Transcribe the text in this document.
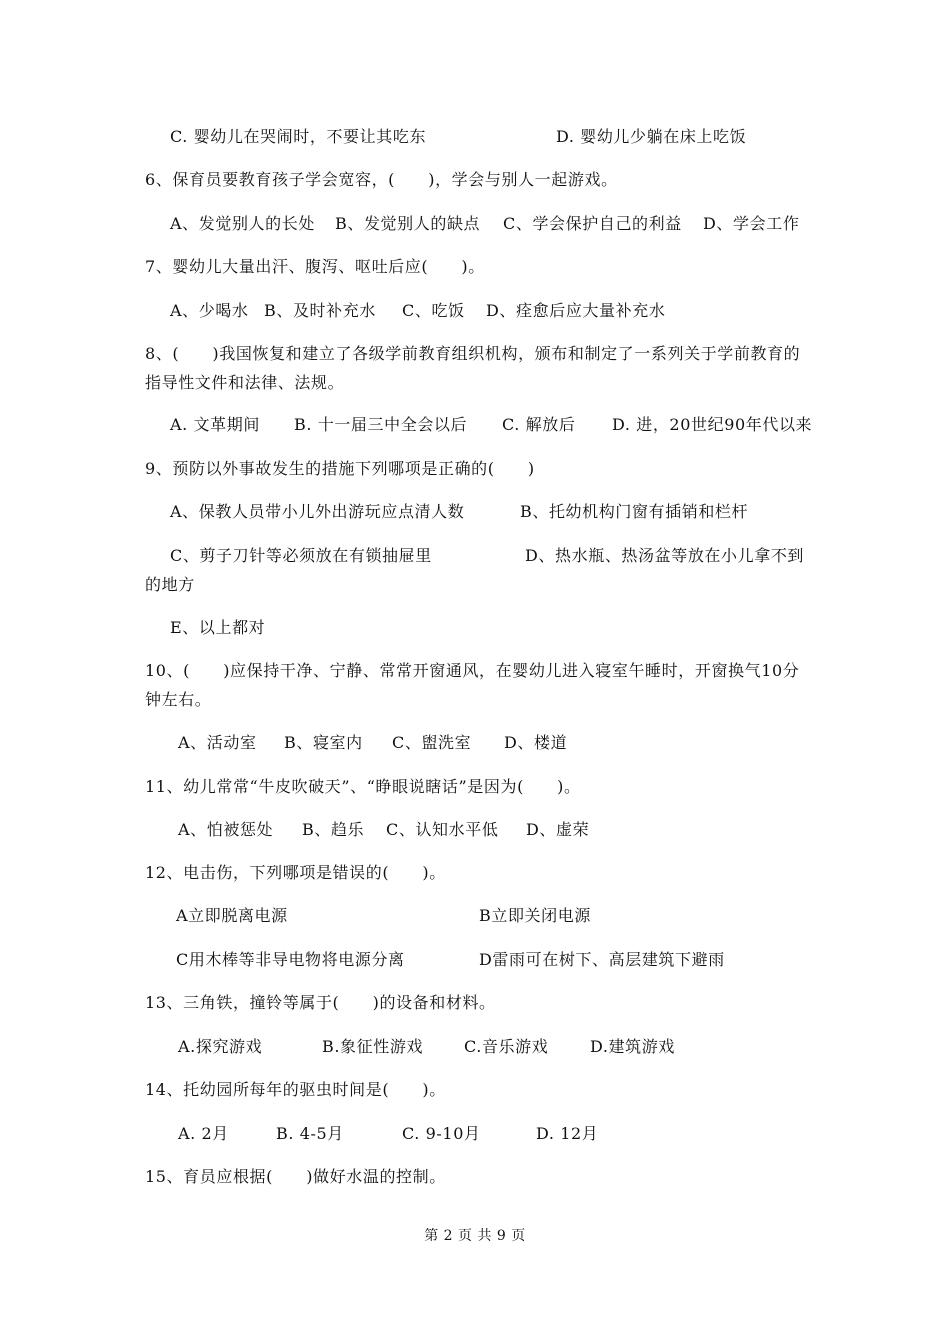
C. 婴幼儿在哭闹时，不要让其吃东	D. 婴幼儿少躺在床上吃饭
6、保育员要教育孩子学会宽容，(　　)，学会与别人一起游戏。
A、发觉别人的长处 B、发觉别人的缺点 C、学会保护自己的利益 D、学会工作
7、婴幼儿大量出汗、腹泻、呕吐后应(　　)。
A、少喝水 B、及时补充水 C、吃饭 D、痊愈后应大量补充水
8、(　　)我国恢复和建立了各级学前教育组织机构，颁布和制定了一系列关于学前教育的
指导性文件和法律、法规。
A. 文革期间 B. 十一届三中全会以后 C. 解放后 D. 进，20世纪90年代以来
9、预防以外事故发生的措施下列哪项是正确的(　　)
A、保教人员带小儿外出游玩应点清人数	B、托幼机构门窗有插销和栏杆
C、剪子刀针等必须放在有锁抽屉里	D、热水瓶、热汤盆等放在小儿拿不到
的地方
E、以上都对
10、(　　)应保持干净、宁静、常常开窗通风，在婴幼儿进入寝室午睡时，开窗换气10分
钟左右。
A、活动室 B、寝室内 C、盥洗室 D、楼道
11、幼儿常常“牛皮吹破天”、“睁眼说瞎话”是因为(　　)。
A、怕被惩处 B、趋乐 C、认知水平低 D、虚荣
12、电击伤，下列哪项是错误的(　　)。
A立即脱离电源	B立即关闭电源
C用木棒等非导电物将电源分离	D雷雨可在树下、高层建筑下避雨
13、三角铁，撞铃等属于(　　)的设备和材料。
A.探究游戏	B.象征性游戏	C.音乐游戏	D.建筑游戏
14、托幼园所每年的驱虫时间是(　　)。
A. 2月	B. 4-5月	C. 9-10月	D. 12月
15、育员应根据(　　)做好水温的控制。
第 2 页 共 9 页
